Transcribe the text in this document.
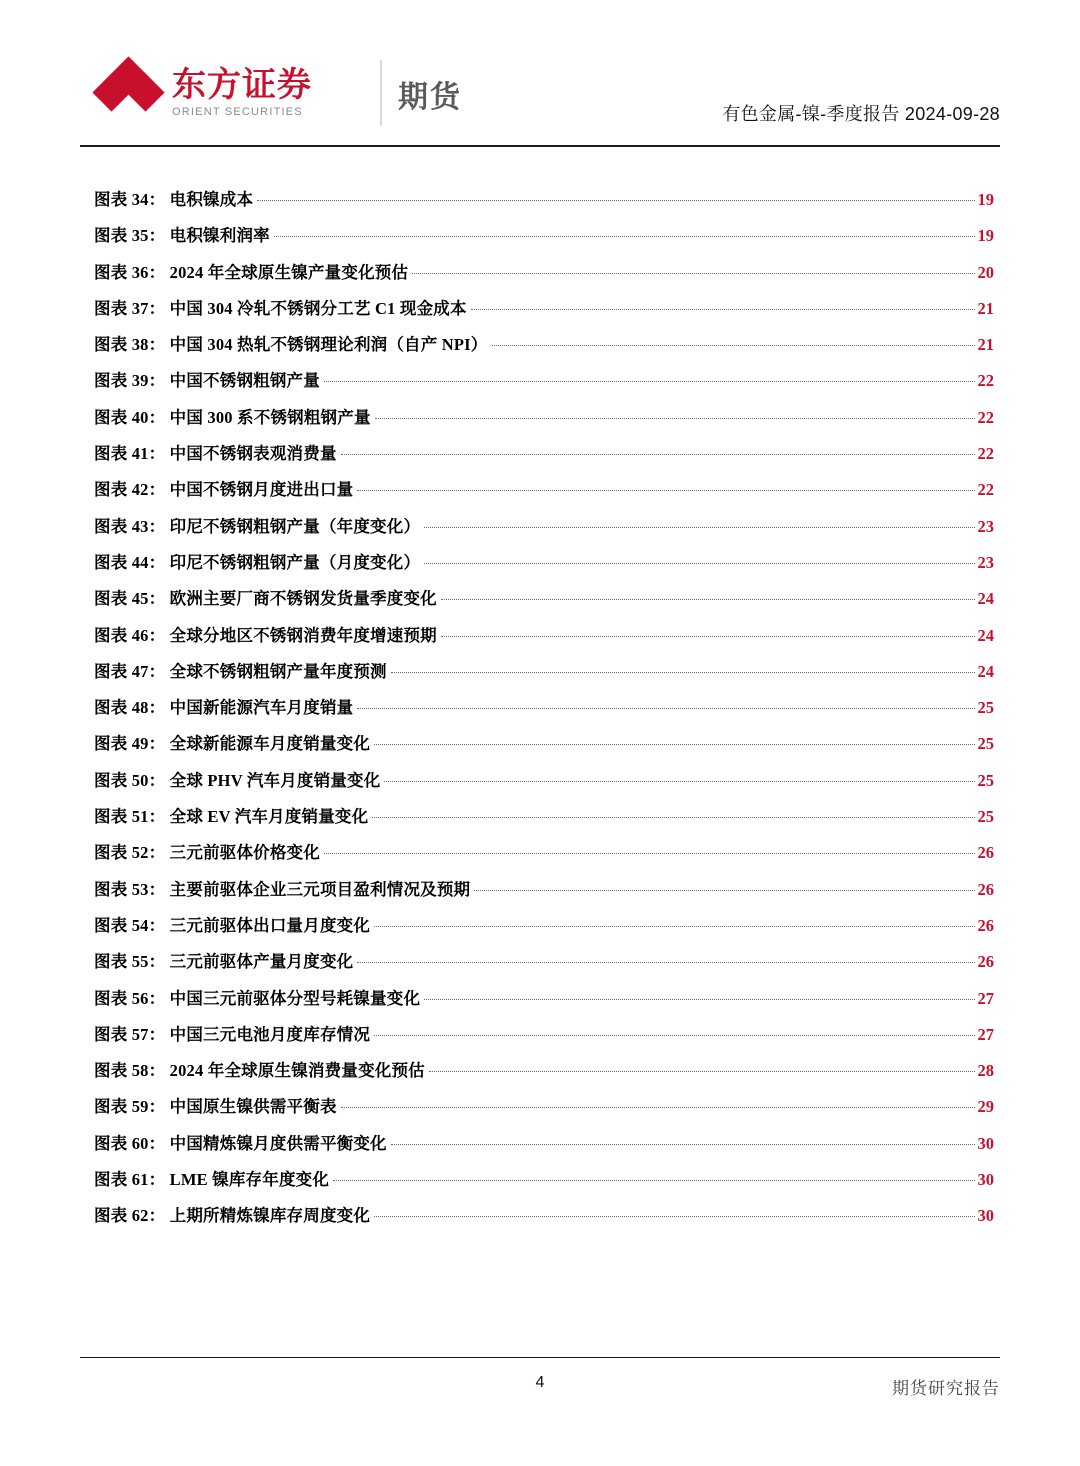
东方证券
ORIENT SECURITIES	期货	有色金属-镍-季度报告 2024-09-28
图表 34： 电积镍成本	19
图表 35： 电积镍利润率	19
图表 36： 2024 年全球原生镍产量变化预估	20
图表 37： 中国 304 冷轧不锈钢分工艺 C1 现金成本	21
图表 38： 中国 304 热轧不锈钢理论利润（自产 NPI）	21
图表 39： 中国不锈钢粗钢产量	22
图表 40： 中国 300 系不锈钢粗钢产量	22
图表 41： 中国不锈钢表观消费量	22
图表 42： 中国不锈钢月度进出口量	22
图表 43： 印尼不锈钢粗钢产量（年度变化）	23
图表 44： 印尼不锈钢粗钢产量（月度变化）	23
图表 45： 欧洲主要厂商不锈钢发货量季度变化	24
图表 46： 全球分地区不锈钢消费年度增速预期	24
图表 47： 全球不锈钢粗钢产量年度预测	24
图表 48： 中国新能源汽车月度销量	25
图表 49： 全球新能源车月度销量变化	25
图表 50： 全球 PHV 汽车月度销量变化	25
图表 51： 全球 EV 汽车月度销量变化	25
图表 52： 三元前驱体价格变化	26
图表 53： 主要前驱体企业三元项目盈利情况及预期	26
图表 54： 三元前驱体出口量月度变化	26
图表 55： 三元前驱体产量月度变化	26
图表 56： 中国三元前驱体分型号耗镍量变化	27
图表 57： 中国三元电池月度库存情况	27
图表 58： 2024 年全球原生镍消费量变化预估	28
图表 59： 中国原生镍供需平衡表	29
图表 60： 中国精炼镍月度供需平衡变化	30
图表 61： LME 镍库存年度变化	30
图表 62： 上期所精炼镍库存周度变化	30
4	期货研究报告
